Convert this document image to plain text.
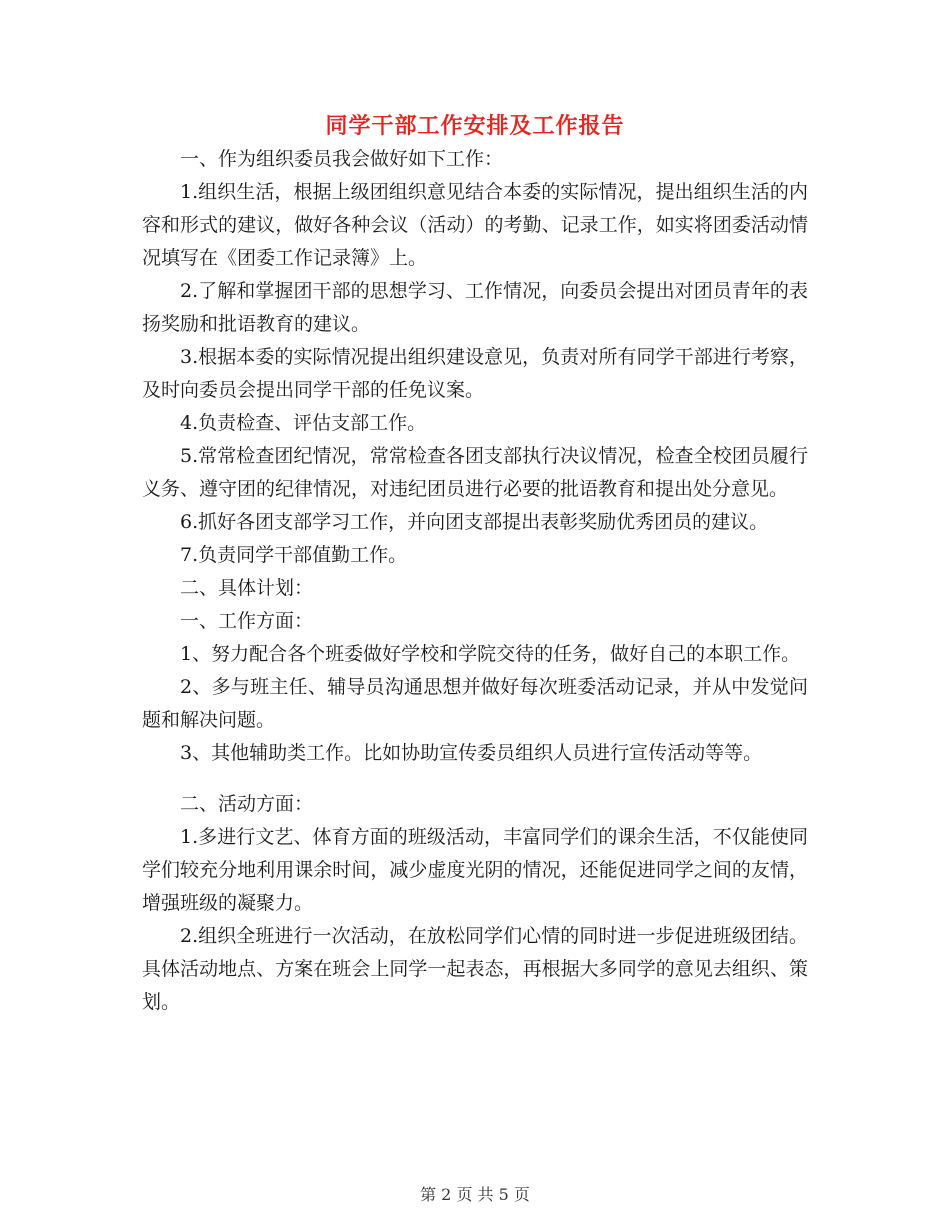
同学干部工作安排及工作报告

一、作为组织委员我会做好如下工作：

1.组织生活，根据上级团组织意见结合本委的实际情况，提出组织生活的内容和形式的建议，做好各种会议（活动）的考勤、记录工作，如实将团委活动情况填写在《团委工作记录簿》上。

2.了解和掌握团干部的思想学习、工作情况，向委员会提出对团员青年的表扬奖励和批语教育的建议。

3.根据本委的实际情况提出组织建设意见，负责对所有同学干部进行考察，及时向委员会提出同学干部的任免议案。

4.负责检查、评估支部工作。

5.常常检查团纪情况，常常检查各团支部执行决议情况，检查全校团员履行义务、遵守团的纪律情况，对违纪团员进行必要的批语教育和提出处分意见。

6.抓好各团支部学习工作，并向团支部提出表彰奖励优秀团员的建议。

7.负责同学干部值勤工作。

二、具体计划：

一、工作方面：

1、努力配合各个班委做好学校和学院交待的任务，做好自己的本职工作。

2、多与班主任、辅导员沟通思想并做好每次班委活动记录，并从中发觉问题和解决问题。

3、其他辅助类工作。比如协助宣传委员组织人员进行宣传活动等等。

二、活动方面：

1.多进行文艺、体育方面的班级活动，丰富同学们的课余生活，不仅能使同学们较充分地利用课余时间，减少虚度光阴的情况，还能促进同学之间的友情，增强班级的凝聚力。

2.组织全班进行一次活动，在放松同学们心情的同时进一步促进班级团结。具体活动地点、方案在班会上同学一起表态，再根据大多同学的意见去组织、策划。

第 2 页 共 5 页
